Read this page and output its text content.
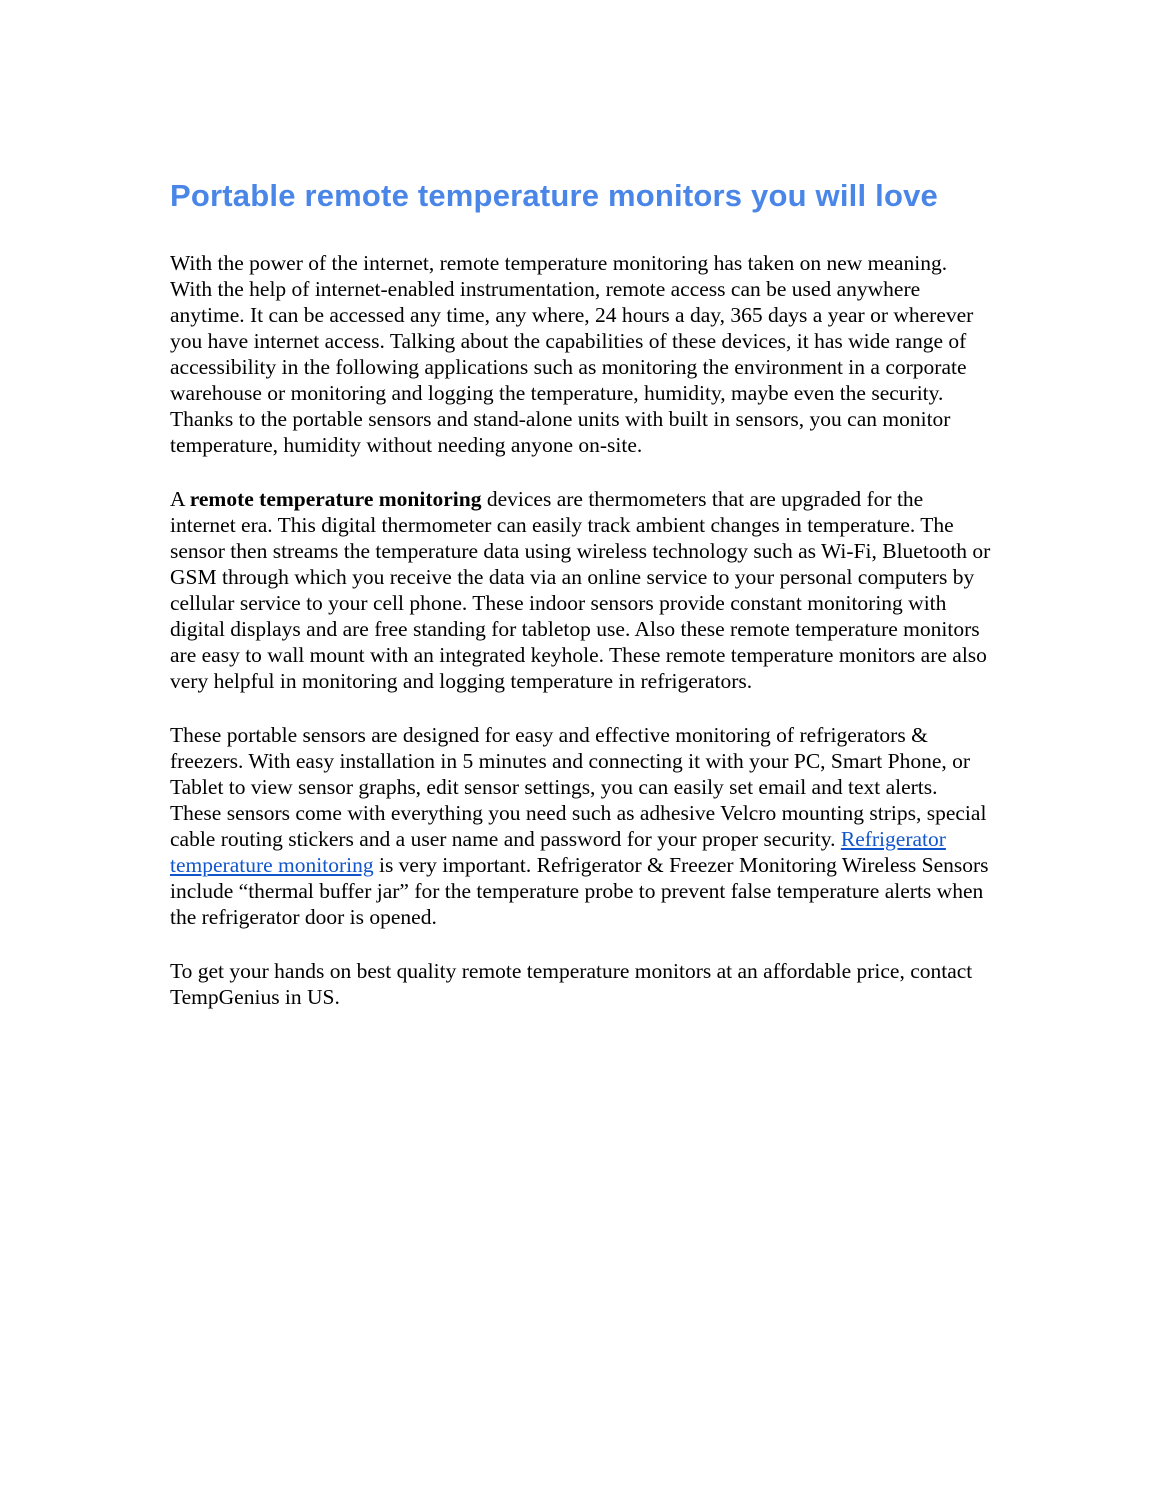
Portable remote temperature monitors you will love

With the power of the internet, remote temperature monitoring has taken on new meaning. With the help of internet-enabled instrumentation, remote access can be used anywhere anytime. It can be accessed any time, any where, 24 hours a day, 365 days a year or wherever you have internet access. Talking about the capabilities of these devices, it has wide range of accessibility in the following applications such as monitoring the environment in a corporate warehouse or monitoring and logging the temperature, humidity, maybe even the security. Thanks to the portable sensors and stand-alone units with built in sensors, you can monitor temperature, humidity without needing anyone on-site.

A remote temperature monitoring devices are thermometers that are upgraded for the internet era. This digital thermometer can easily track ambient changes in temperature. The sensor then streams the temperature data using wireless technology such as Wi-Fi, Bluetooth or GSM through which you receive the data via an online service to your personal computers by cellular service to your cell phone. These indoor sensors provide constant monitoring with digital displays and are free standing for tabletop use. Also these remote temperature monitors are easy to wall mount with an integrated keyhole. These remote temperature monitors are also very helpful in monitoring and logging temperature in refrigerators.

These portable sensors are designed for easy and effective monitoring of refrigerators & freezers. With easy installation in 5 minutes and connecting it with your PC, Smart Phone, or Tablet to view sensor graphs, edit sensor settings, you can easily set email and text alerts. These sensors come with everything you need such as adhesive Velcro mounting strips, special cable routing stickers and a user name and password for your proper security. Refrigerator temperature monitoring is very important. Refrigerator & Freezer Monitoring Wireless Sensors include “thermal buffer jar” for the temperature probe to prevent false temperature alerts when the refrigerator door is opened.

To get your hands on best quality remote temperature monitors at an affordable price, contact TempGenius in US.
